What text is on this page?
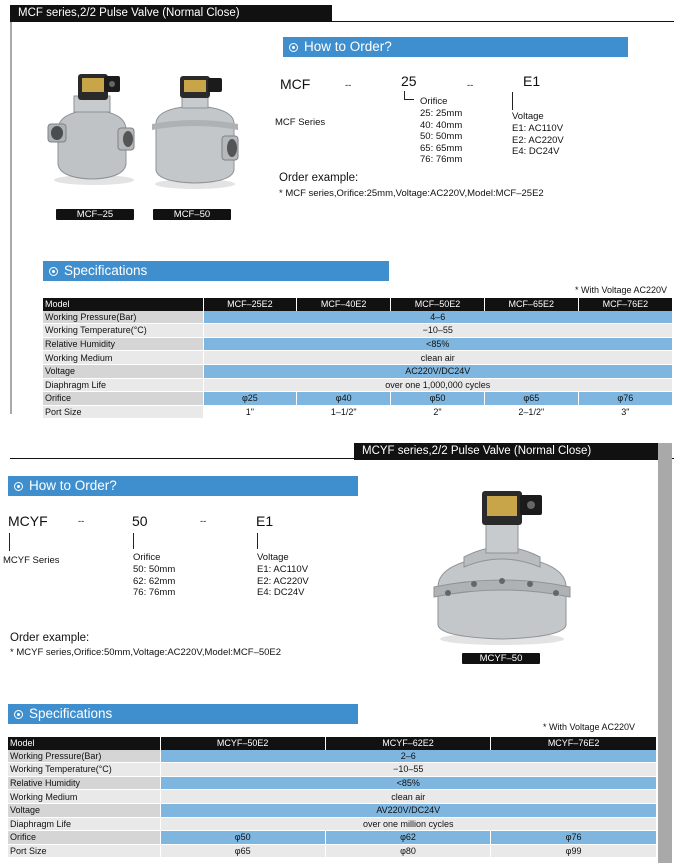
MCF series,2/2 Pulse Valve (Normal Close)
MCF–25	MCF–50
How to Order?
MCF	--	25	--	E1
MCF Series
Orifice
25: 25mm
40: 40mm
50: 50mm
65: 65mm
76: 76mm
Voltage
E1: AC110V
E2: AC220V
E4: DC24V
Order example:
* MCF series,Orifice:25mm,Voltage:AC220V,Model:MCF–25E2
Specifications
* With Voltage AC220V
Model	MCF–25E2	MCF–40E2	MCF–50E2	MCF–65E2	MCF–76E2
Working Pressure(Bar)	4–6				
Working Temperature(°C)	−10–55				
Relative Humidity	<85%				
Working Medium	clean air				
Voltage	AC220V/DC24V				
Diaphragm Life	over one 1,000,000 cycles				
Orifice	φ25	φ40	φ50	φ65	φ76
Port Size	1"	1–1/2"	2"	2–1/2"	3"
MCYF series,2/2 Pulse Valve (Normal Close)
How to Order?
MCYF	--	50	--	E1
MCYF Series	Orifice
50: 50mm
62: 62mm
76: 76mm
Voltage
E1: AC110V
E2: AC220V
E4: DC24V
Order example:
* MCYF series,Orifice:50mm,Voltage:AC220V,Model:MCF–50E2
MCYF–50
Specifications
* With Voltage AC220V
Model	MCYF–50E2	MCYF–62E2	MCYF–76E2
Working Pressure(Bar)	2–6		
Working Temperature(°C)	−10–55		
Relative Humidity	<85%		
Working Medium	clean air		
Voltage	AV220V/DC24V		
Diaphragm Life	over one million cycles		
Orifice	φ50	φ62	φ76
Port Size	φ65	φ80	φ99
